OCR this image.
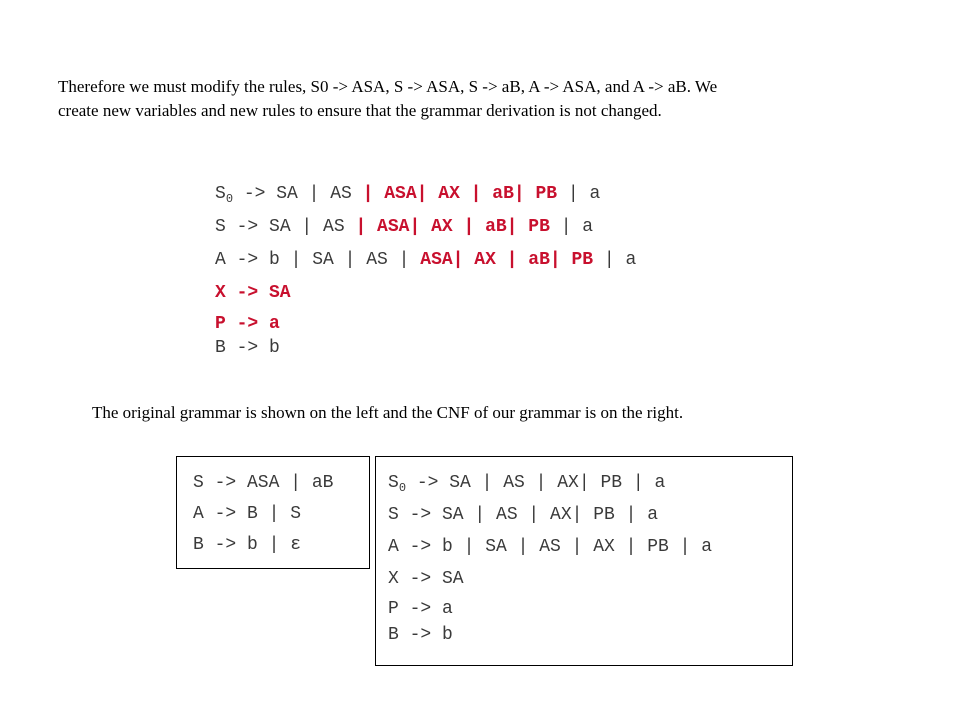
Therefore we must modify the rules, S0 -> ASA, S -> ASA, S -> aB, A -> ASA, and A -> aB. We
create new variables and new rules to ensure that the grammar derivation is not changed.
$S_0$ -> SA | AS | ASA| AX | aB| PB | a
S -> SA | AS | ASA| AX | aB| PB | a
A -> b | SA | AS | ASA| AX | aB| PB | a
X -> SA
P -> a
B -> b
The original grammar is shown on the left and the CNF of our grammar is on the right.
S -> ASA | aB
A -> B | S
B -> b | ε
$S_0$ -> SA | AS | AX| PB | a
S -> SA | AS | AX| PB | a
A -> b | SA | AS | AX | PB | a
X -> SA
P -> a
B -> b
